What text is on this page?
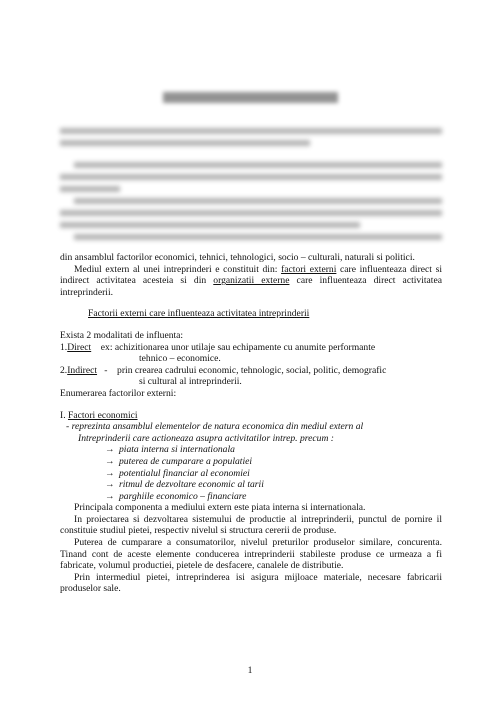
din ansamblul factorilor economici, tehnici, tehnologici, socio – culturali, naturali si politici.

Mediul extern al unei intreprinderi e constituit din: factori externi care influenteaza direct si indirect activitatea acesteia si din organizatii externe care influenteaza direct activitatea intreprinderii.

Factorii externi care influenteaza activitatea intreprinderii

Exista 2 modalitati de influenta:

1. Direct ex: achizitionarea unor utilaje sau echipamente cu anumite performante

tehnico – economice.

2. Indirect -    prin crearea cadrului economic, tehnologic, social, politic, demografic

si cultural al intreprinderii.

Enumerarea factorilor externi:

I. Factori economici

- reprezinta ansamblul elementelor de natura economica din mediul extern al
Intreprinderii care actioneaza asupra activitatilor intrep. precum :
→ piata interna si internationala
→ puterea de cumparare a populatiei
→ potentialul financiar al economiei
→ ritmul de dezvoltare economic al tarii
→ parghiile economico – financiare

Principala componenta a mediului extern este piata interna si internationala.

In proiectarea si dezvoltarea sistemului de productie al intreprinderii, punctul de pornire il constituie studiul pietei, respectiv nivelul si structura cererii de produse.

Puterea de cumparare a consumatorilor, nivelul preturilor produselor similare, concurenta. Tinand cont de aceste elemente conducerea intreprinderii stabileste produse ce urmeaza a fi fabricate, volumul productiei, pietele de desfacere, canalele de distributie.

Prin intermediul pietei, intreprinderea isi asigura mijloace materiale, necesare fabricarii produselor sale.

1
